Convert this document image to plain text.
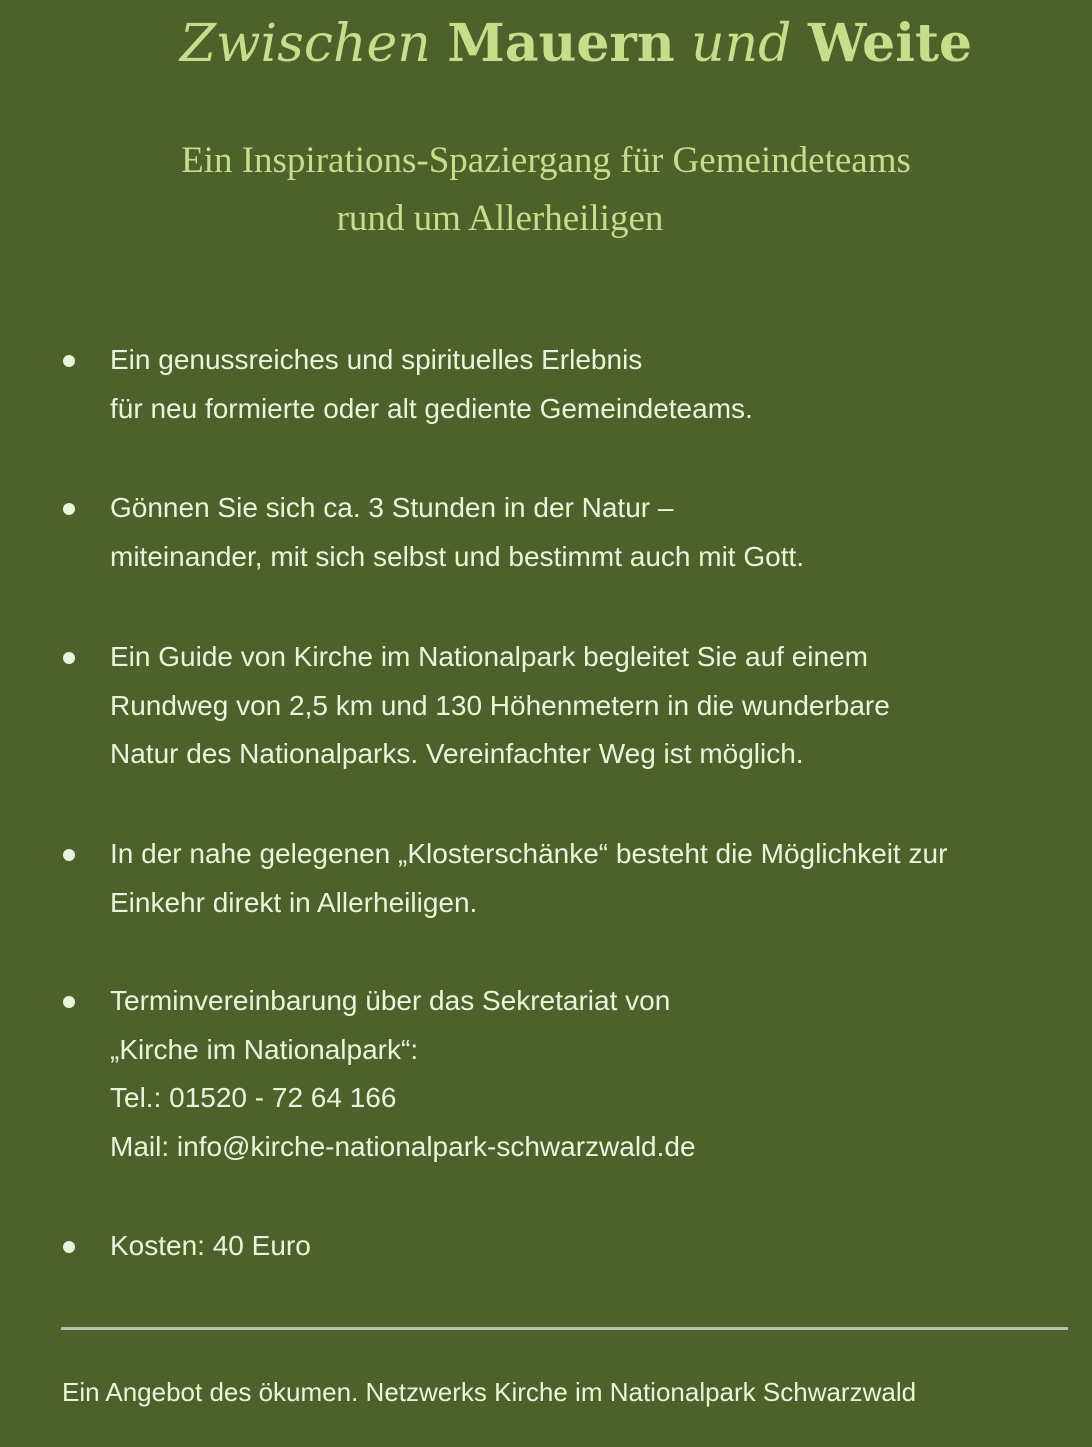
Zwischen Mauern und Weite
Ein Inspirations-Spaziergang für Gemeindeteams
rund um Allerheiligen
Ein genussreiches und spirituelles Erlebnis
für neu formierte oder alt gediente Gemeindeteams.
Gönnen Sie sich ca. 3 Stunden in der Natur –
miteinander, mit sich selbst und bestimmt auch mit Gott.
Ein Guide von Kirche im Nationalpark begleitet Sie auf einem
Rundweg von 2,5 km und 130 Höhenmetern in die wunderbare
Natur des Nationalparks. Vereinfachter Weg ist möglich.
In der nahe gelegenen „Klosterschänke“ besteht die Möglichkeit zur
Einkehr direkt in Allerheiligen.
Terminvereinbarung über das Sekretariat von
„Kirche im Nationalpark“:
Tel.: 01520 - 72 64 166
Mail: info@kirche-nationalpark-schwarzwald.de
Kosten: 40 Euro
Ein Angebot des ökumen. Netzwerks Kirche im Nationalpark Schwarzwald
